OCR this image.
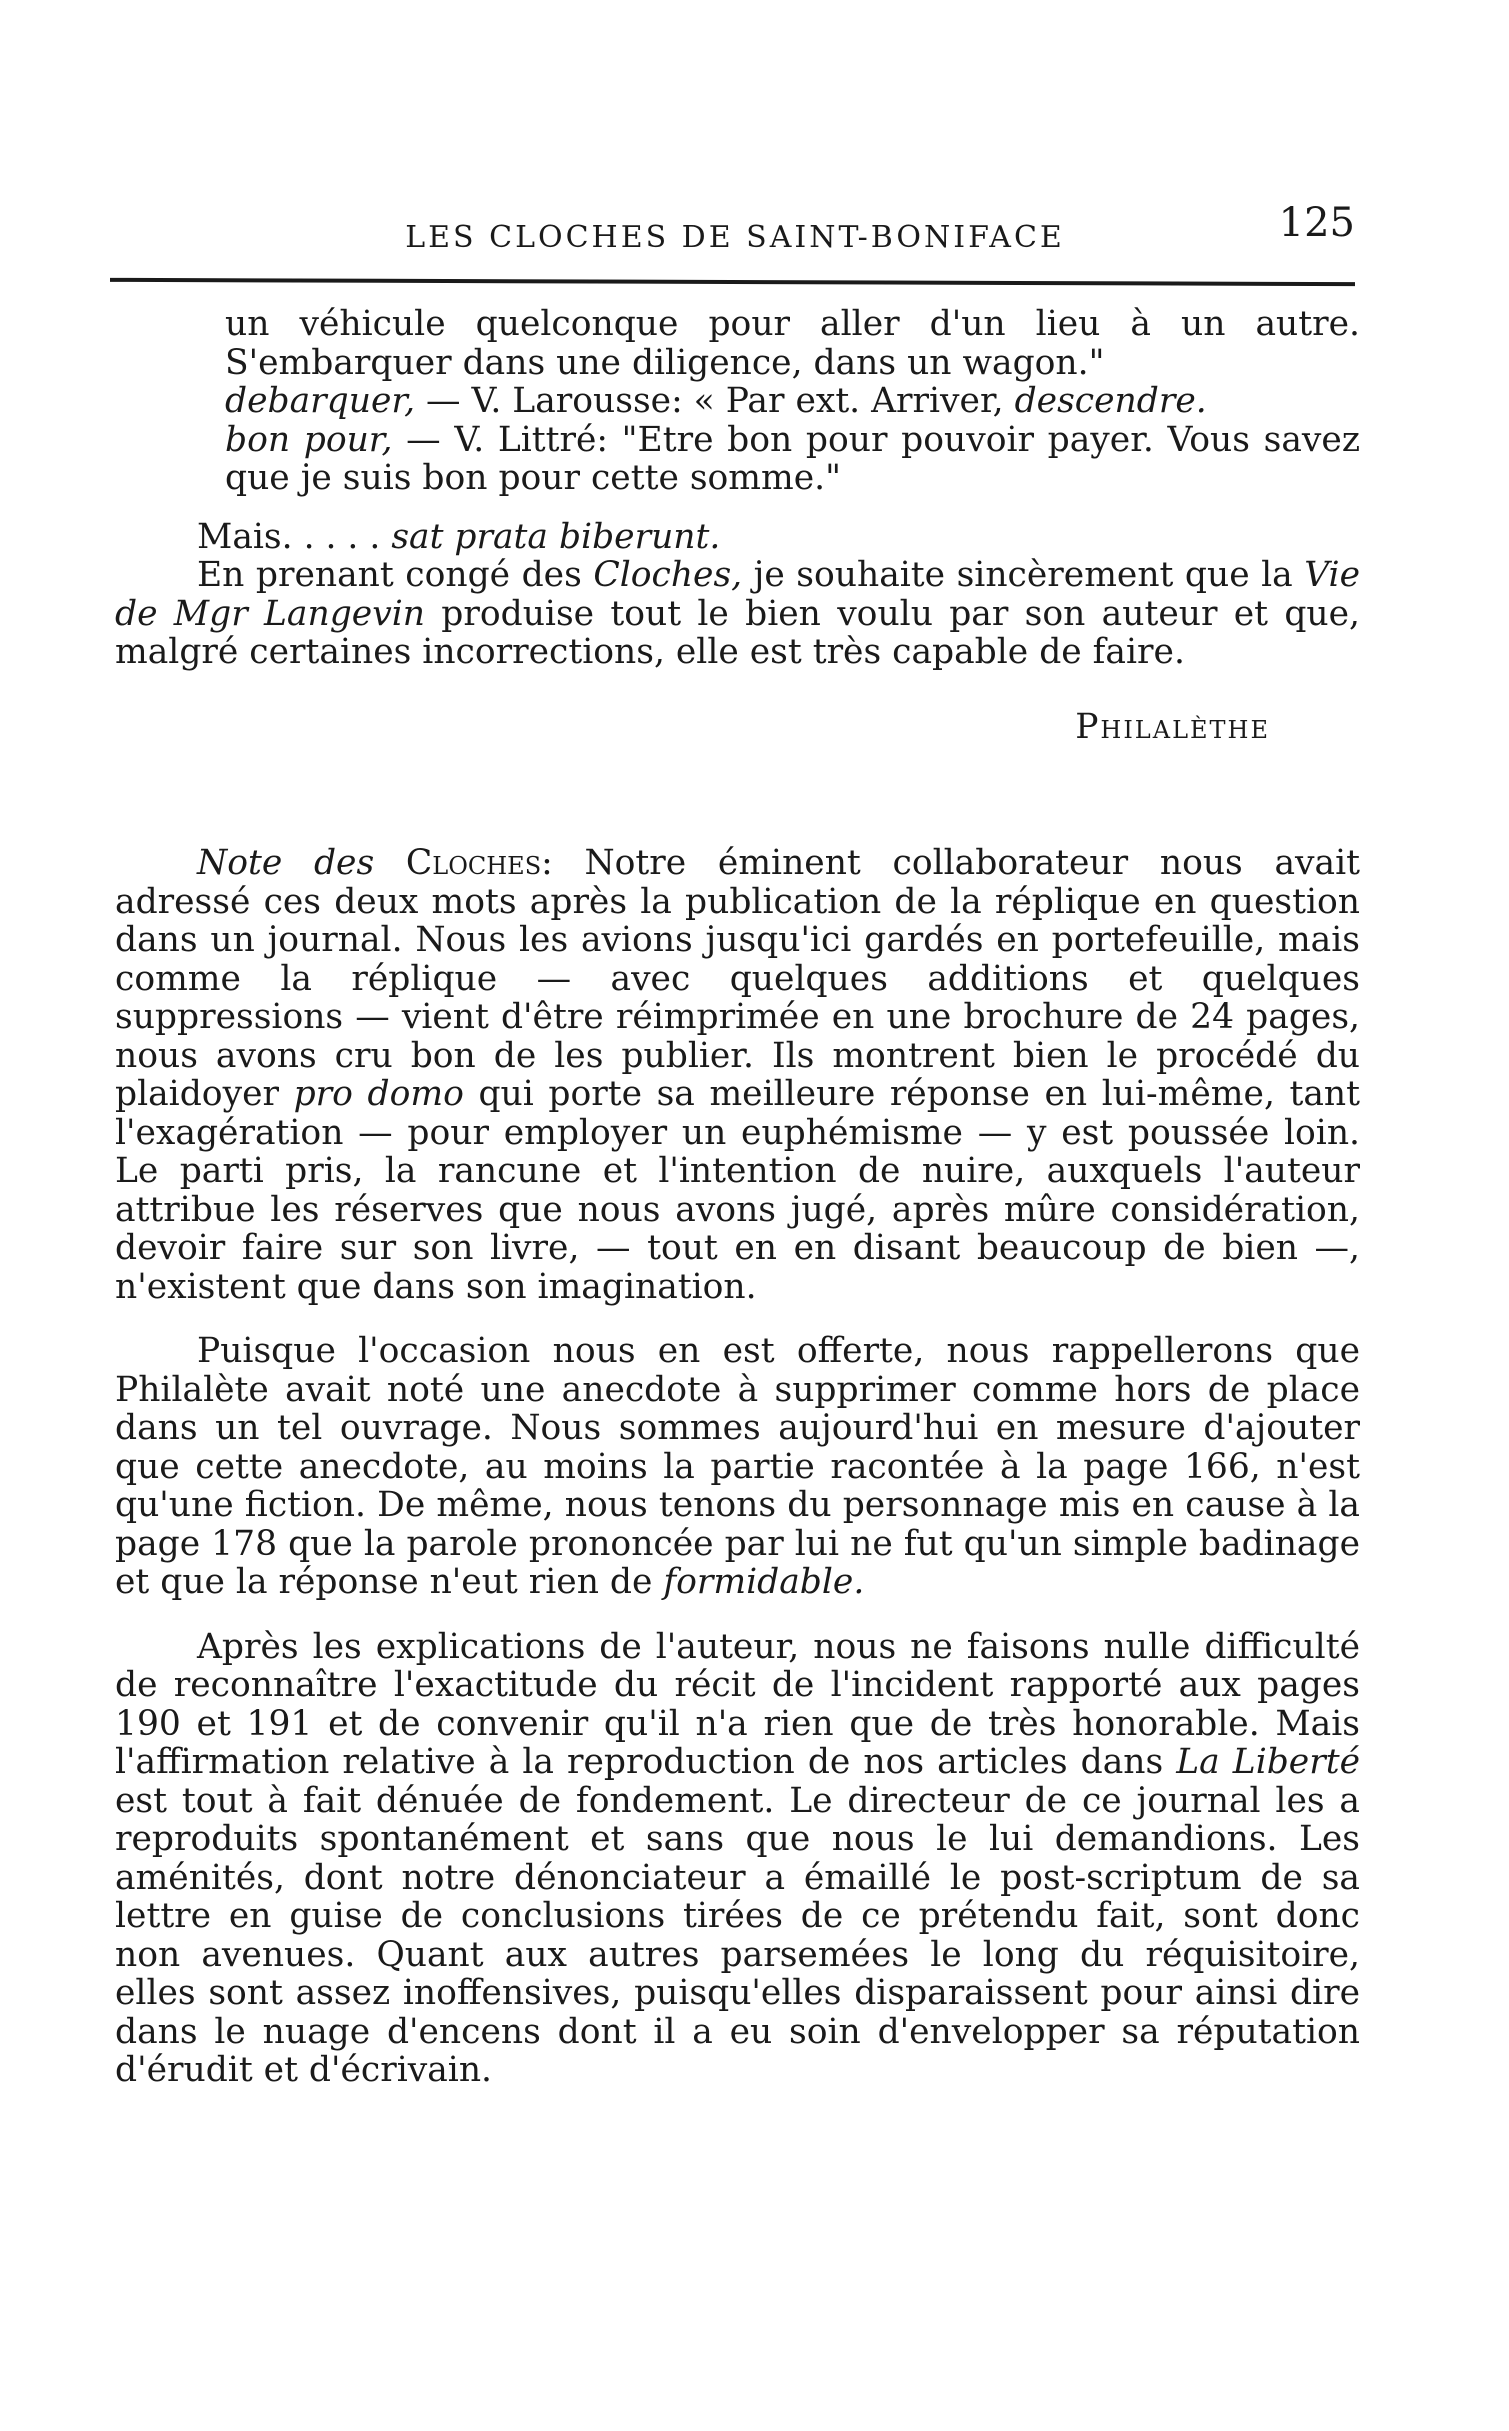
LES CLOCHES DE SAINT-BONIFACE	125

un véhicule quelconque pour aller d'un lieu à un autre. S'embarquer dans une diligence, dans un wagon."

debarquer, — V. Larousse: « Par ext. Arriver, descendre.

bon pour, — V. Littré: "Etre bon pour pouvoir payer. Vous savez que je suis bon pour cette somme."

Mais. . . . . sat prata biberunt.

En prenant congé des Cloches, je souhaite sincèrement que la Vie de Mgr Langevin produise tout le bien voulu par son auteur et que, malgré certaines incorrections, elle est très capable de faire.

Philalèthe

Note des Cloches: Notre éminent collaborateur nous avait adressé ces deux mots après la publication de la réplique en question dans un journal. Nous les avions jusqu'ici gardés en portefeuille, mais comme la réplique — avec quelques additions et quelques suppressions — vient d'être réimprimée en une brochure de 24 pages, nous avons cru bon de les publier. Ils montrent bien le procédé du plaidoyer pro domo qui porte sa meilleure réponse en lui-même, tant l'exagération — pour employer un euphémisme — y est poussée loin. Le parti pris, la rancune et l'intention de nuire, auxquels l'auteur attribue les réserves que nous avons jugé, après mûre considération, devoir faire sur son livre, — tout en en disant beaucoup de bien —, n'existent que dans son imagination.

Puisque l'occasion nous en est offerte, nous rappellerons que Philalète avait noté une anecdote à supprimer comme hors de place dans un tel ouvrage. Nous sommes aujourd'hui en mesure d'ajouter que cette anecdote, au moins la partie racontée à la page 166, n'est qu'une fiction. De même, nous tenons du personnage mis en cause à la page 178 que la parole prononcée par lui ne fut qu'un simple badinage et que la réponse n'eut rien de formidable.

Après les explications de l'auteur, nous ne faisons nulle difficulté de reconnaître l'exactitude du récit de l'incident rapporté aux pages 190 et 191 et de convenir qu'il n'a rien que de très honorable. Mais l'affirmation relative à la reproduction de nos articles dans La Liberté est tout à fait dénuée de fondement. Le directeur de ce journal les a reproduits spontanément et sans que nous le lui demandions. Les aménités, dont notre dénonciateur a émaillé le post-scriptum de sa lettre en guise de conclusions tirées de ce prétendu fait, sont donc non avenues. Quant aux autres parsemées le long du réquisitoire, elles sont assez inoffensives, puisqu'elles disparaissent pour ainsi dire dans le nuage d'encens dont il a eu soin d'envelopper sa réputation d'érudit et d'écrivain.
